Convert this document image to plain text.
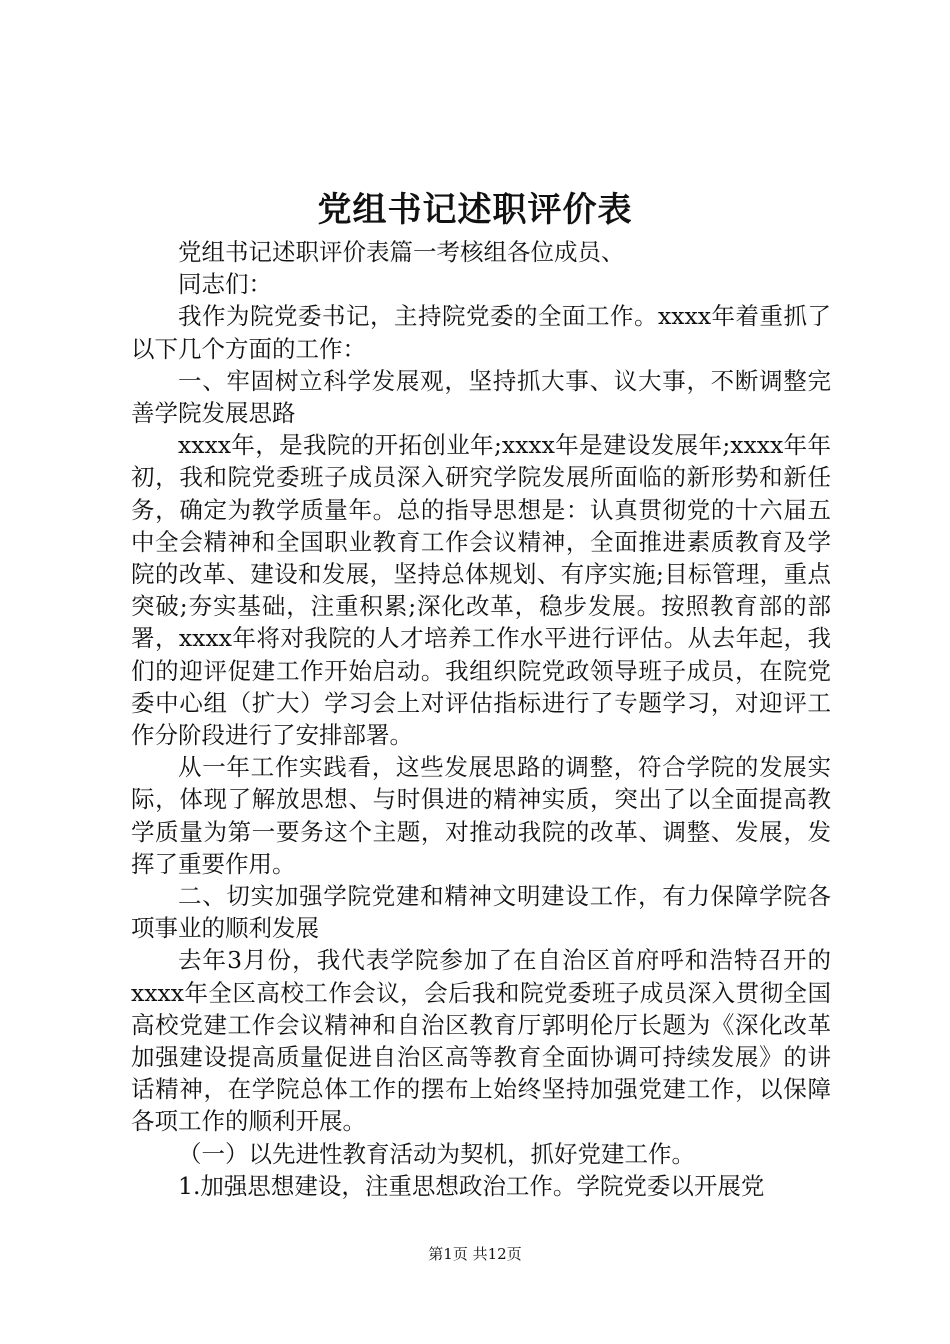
党组书记述职评价表

党组书记述职评价表篇一考核组各位成员、

同志们：

我作为院党委书记，主持院党委的全面工作。xxxx年着重抓了以下几个方面的工作：

一、牢固树立科学发展观，坚持抓大事、议大事，不断调整完善学院发展思路

xxxx年，是我院的开拓创业年;xxxx年是建设发展年;xxxx年年初，我和院党委班子成员深入研究学院发展所面临的新形势和新任务，确定为教学质量年。总的指导思想是：认真贯彻党的十六届五中全会精神和全国职业教育工作会议精神，全面推进素质教育及学院的改革、建设和发展，坚持总体规划、有序实施;目标管理，重点突破;夯实基础，注重积累;深化改革，稳步发展。按照教育部的部署，xxxx年将对我院的人才培养工作水平进行评估。从去年起，我们的迎评促建工作开始启动。我组织院党政领导班子成员，在院党委中心组（扩大）学习会上对评估指标进行了专题学习，对迎评工作分阶段进行了安排部署。

从一年工作实践看，这些发展思路的调整，符合学院的发展实际，体现了解放思想、与时俱进的精神实质，突出了以全面提高教学质量为第一要务这个主题，对推动我院的改革、调整、发展，发挥了重要作用。

二、切实加强学院党建和精神文明建设工作，有力保障学院各项事业的顺利发展

去年3月份，我代表学院参加了在自治区首府呼和浩特召开的xxxx年全区高校工作会议，会后我和院党委班子成员深入贯彻全国高校党建工作会议精神和自治区教育厅郭明伦厅长题为《深化改革加强建设提高质量促进自治区高等教育全面协调可持续发展》的讲话精神，在学院总体工作的摆布上始终坚持加强党建工作，以保障各项工作的顺利开展。

（一）以先进性教育活动为契机，抓好党建工作。

1.加强思想建设，注重思想政治工作。学院党委以开展党

第1页 共12页
